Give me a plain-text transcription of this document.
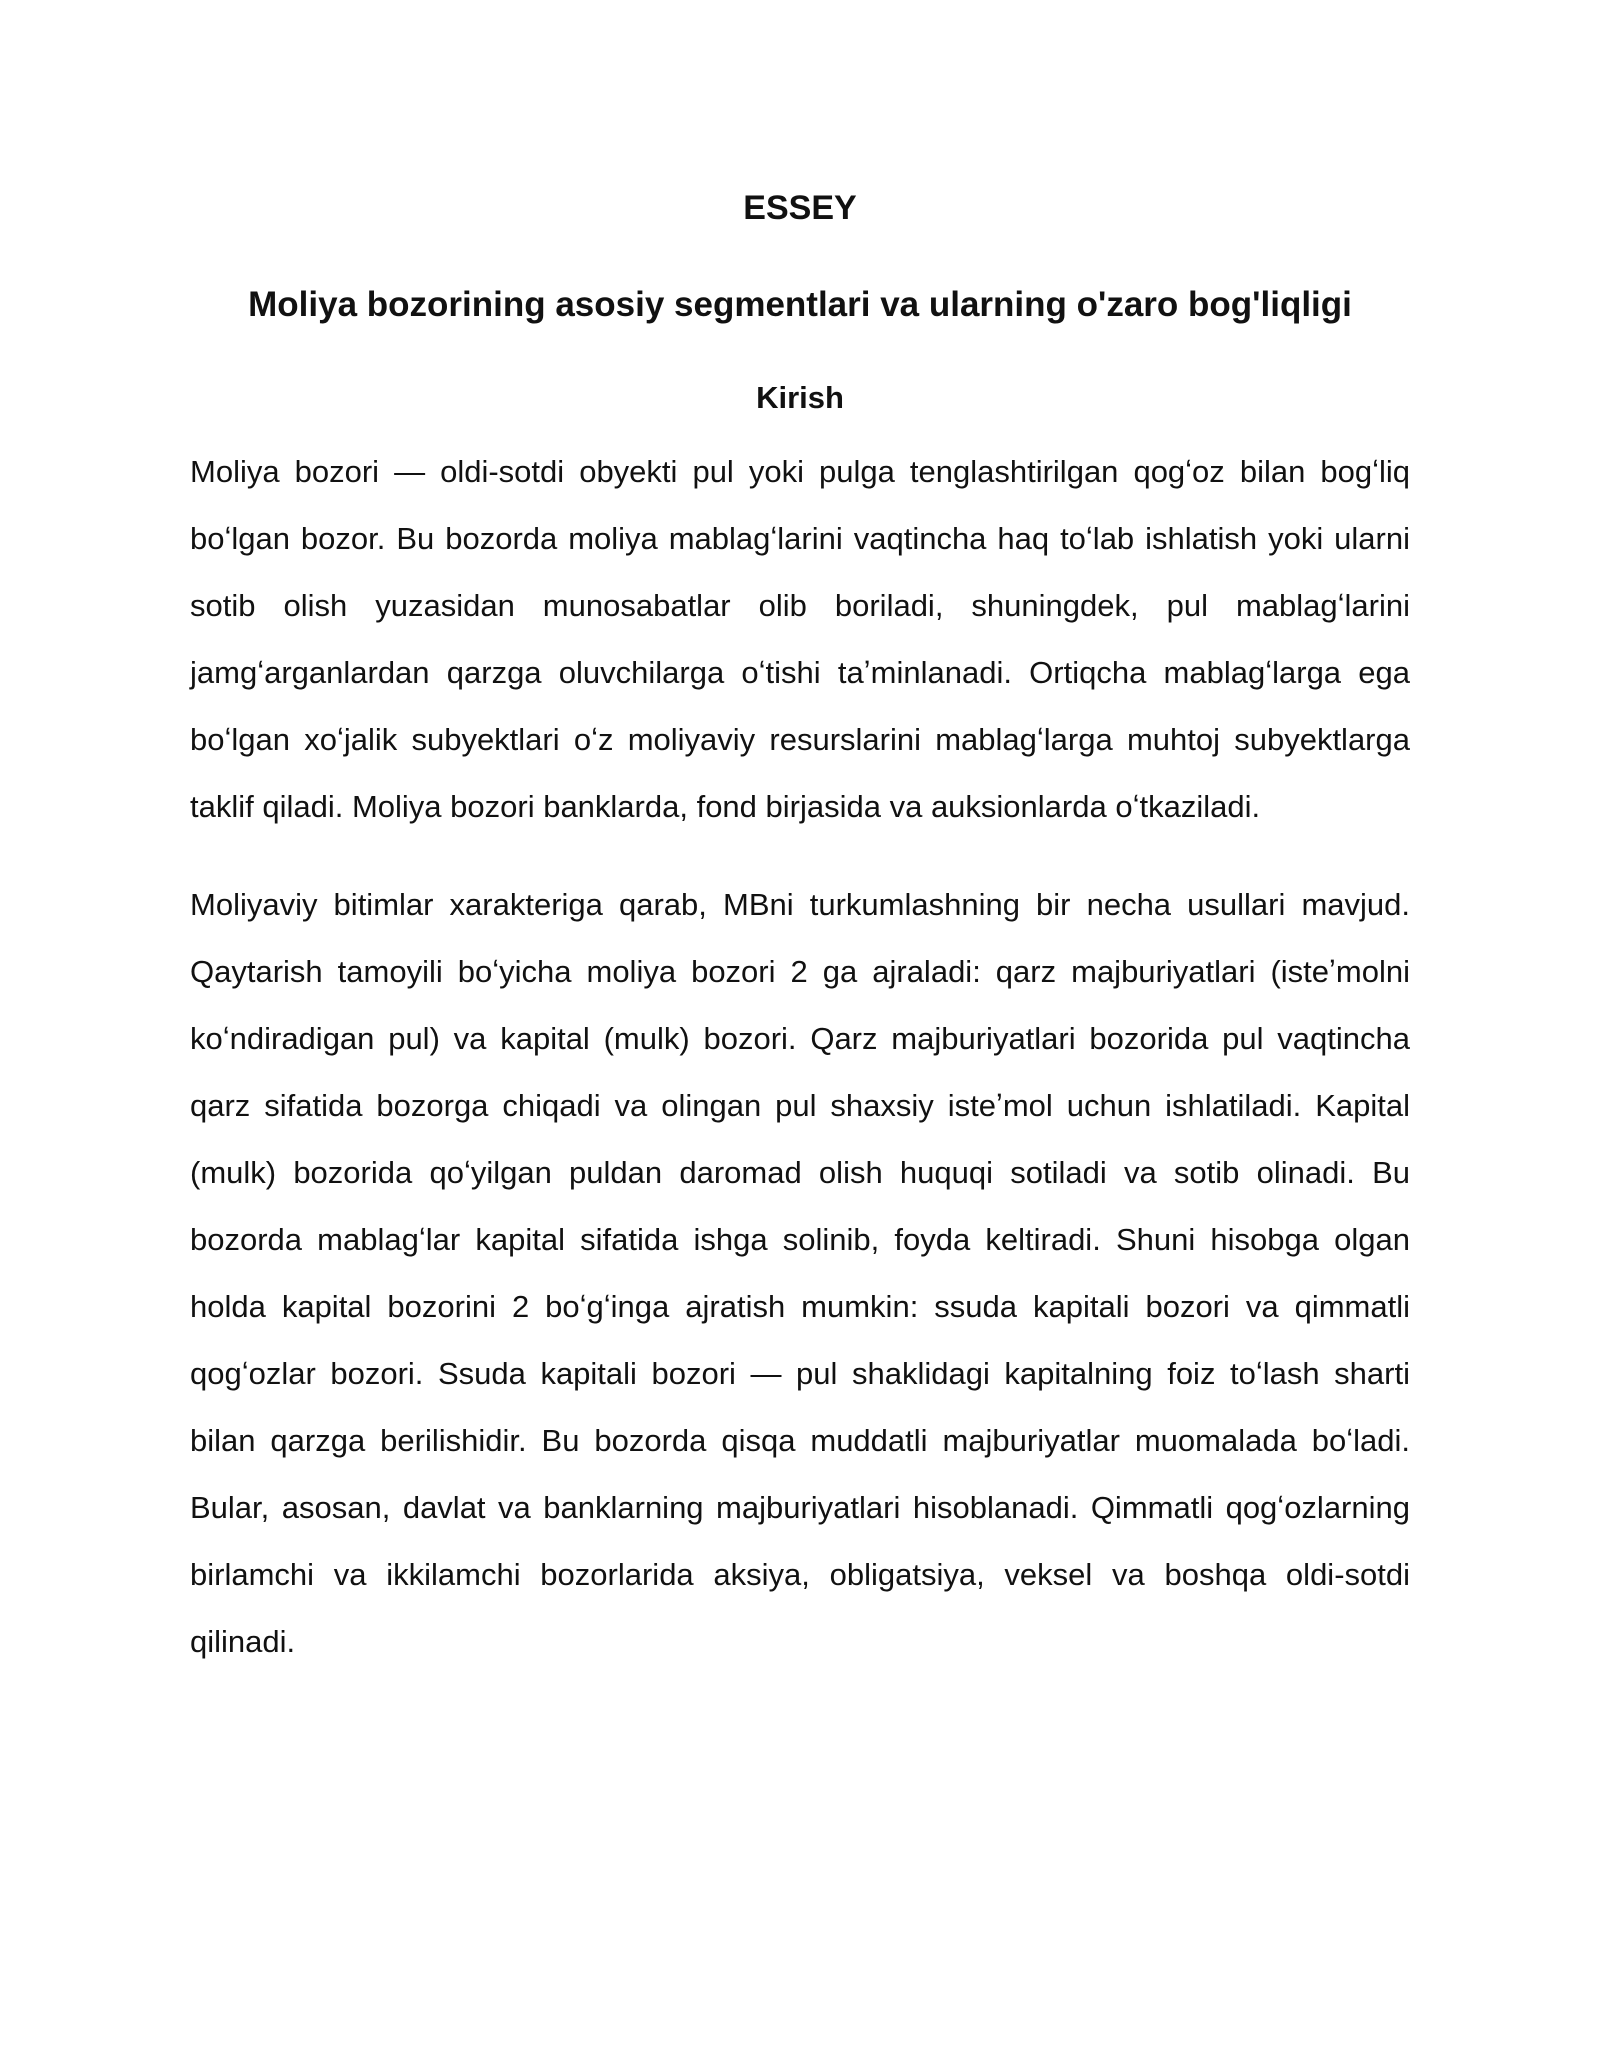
ESSEY
Moliya bozorining asosiy segmentlari va ularning o'zaro bog'liqligi
Kirish

Moliya bozori — oldi-sotdi obyekti pul yoki pulga tenglashtirilgan qogʻoz bilan bogʻliq boʻlgan bozor. Bu bozorda moliya mablagʻlarini vaqtincha haq toʻlab ishlatish yoki ularni sotib olish yuzasidan munosabatlar olib boriladi, shuningdek, pul mablagʻlarini jamgʻarganlardan qarzga oluvchilarga oʻtishi taʼminlanadi. Ortiqcha mablagʻlarga ega boʻlgan xoʻjalik subyektlari oʻz moliyaviy resurslarini mablagʻlarga muhtoj subyektlarga taklif qiladi. Moliya bozori banklarda, fond birjasida va auksionlarda oʻtkaziladi.

Moliyaviy bitimlar xarakteriga qarab, MBni turkumlashning bir necha usullari mavjud. Qaytarish tamoyili boʻyicha moliya bozori 2 ga ajraladi: qarz majburiyatlari (isteʼmolni koʻndiradigan pul) va kapital (mulk) bozori. Qarz majburiyatlari bozorida pul vaqtincha qarz sifatida bozorga chiqadi va olingan pul shaxsiy isteʼmol uchun ishlatiladi. Kapital (mulk) bozorida qoʻyilgan puldan daromad olish huquqi sotiladi va sotib olinadi. Bu bozorda mablagʻlar kapital sifatida ishga solinib, foyda keltiradi. Shuni hisobga olgan holda kapital bozorini 2 boʻgʻinga ajratish mumkin: ssuda kapitali bozori va qimmatli qogʻozlar bozori. Ssuda kapitali bozori — pul shaklidagi kapitalning foiz toʻlash sharti bilan qarzga berilishidir. Bu bozorda qisqa muddatli majburiyatlar muomalada boʻladi. Bular, asosan, davlat va banklarning majburiyatlari hisoblanadi. Qimmatli qogʻozlarning birlamchi va ikkilamchi bozorlarida aksiya, obligatsiya, veksel va boshqa oldi-sotdi qilinadi.
